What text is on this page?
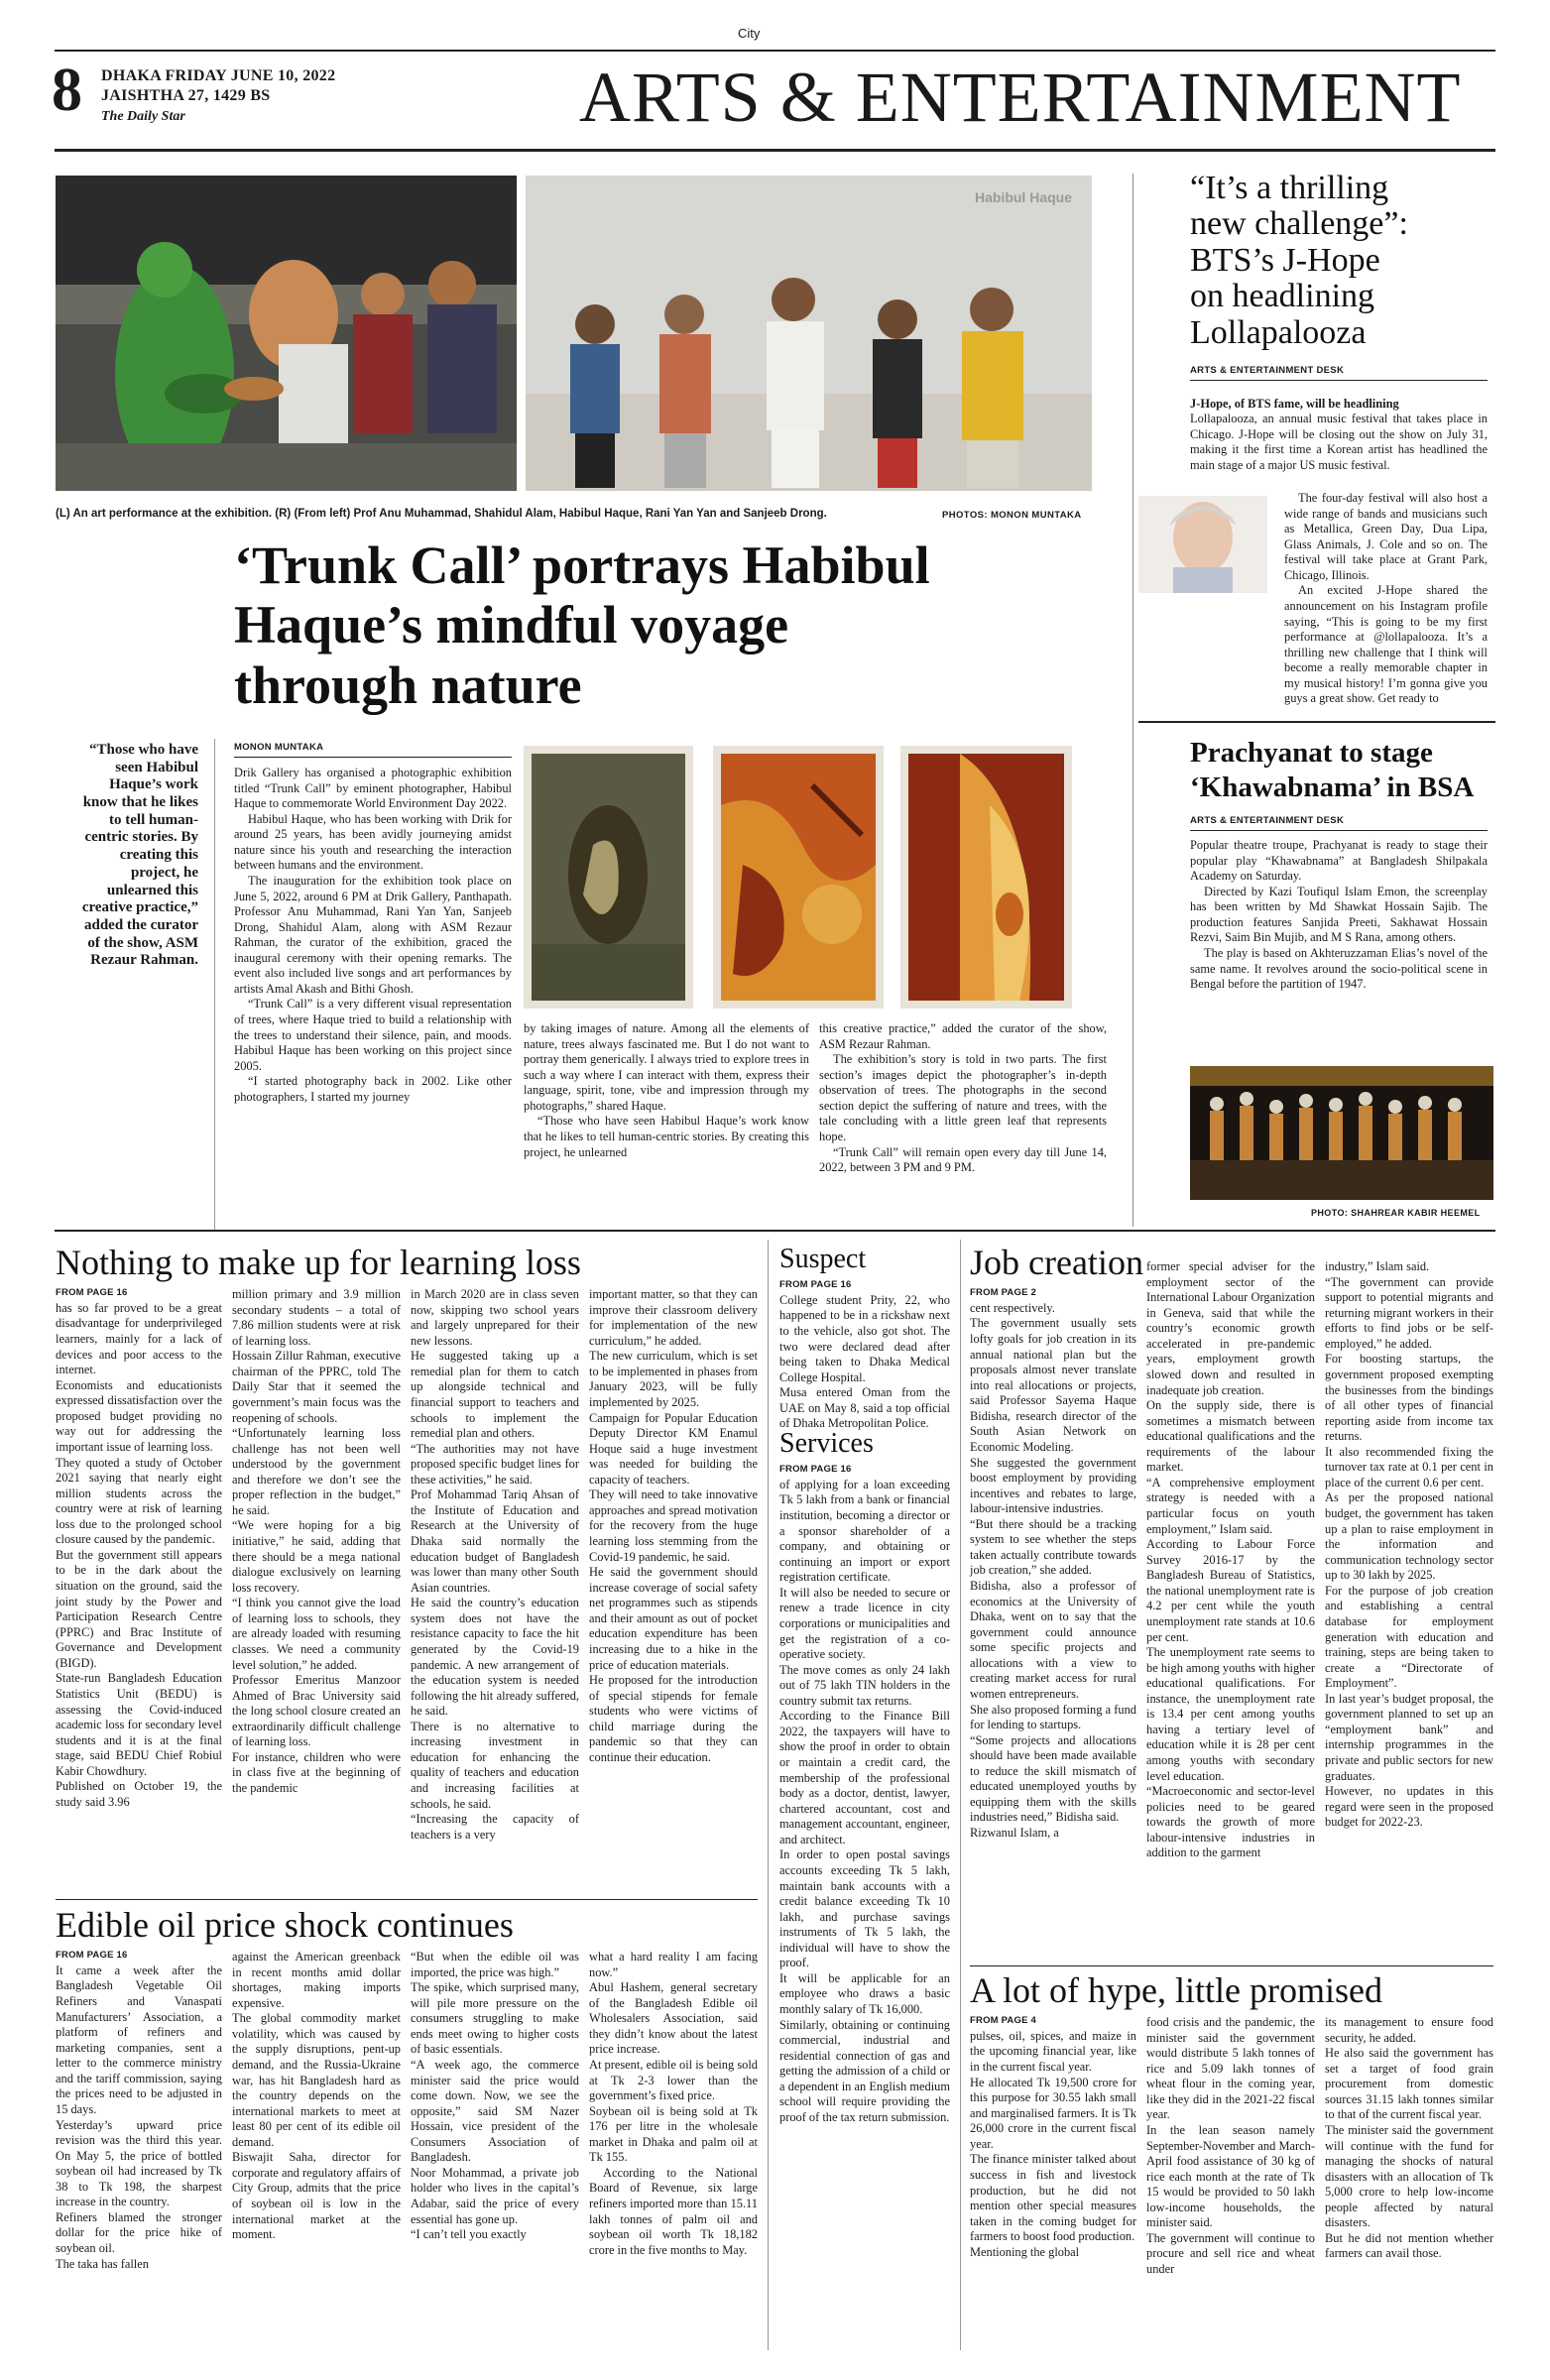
City
8 DHAKA FRIDAY JUNE 10, 2022
JAISHTHA 27, 1429 BS
The Daily Star	ARTS & ENTERTAINMENT
Habibul Haque
(L) An art performance at the exhibition. (R) (From left) Prof Anu Muhammad, Shahidul Alam, Habibul Haque, Rani Yan Yan and Sanjeeb Drong.	PHOTOS: MONON MUNTAKA
‘Trunk Call’ portrays Habibul
Haque’s mindful voyage
through nature
“Those who have seen Habibul Haque’s work know that he likes to tell human-centric stories. By creating this project, he unlearned this creative practice,” added the curator of the show, ASM Rezaur Rahman.
MONON MUNTAKA

Drik Gallery has organised a photographic exhibition titled “Trunk Call” by eminent photographer, Habibul Haque to commemorate World Environment Day 2022.

Habibul Haque, who has been working with Drik for around 25 years, has been avidly journeying amidst nature since his youth and researching the interaction between humans and the environment.

The inauguration for the exhibition took place on June 5, 2022, around 6 PM at Drik Gallery, Panthapath. Professor Anu Muhammad, Rani Yan Yan, Sanjeeb Drong, Shahidul Alam, along with ASM Rezaur Rahman, the curator of the exhibition, graced the inaugural ceremony with their opening remarks. The event also included live songs and art performances by artists Amal Akash and Bithi Ghosh.

“Trunk Call” is a very different visual representation of trees, where Haque tried to build a relationship with the trees to understand their silence, pain, and moods. Habibul Haque has been working on this project since 2005.

“I started photography back in 2002. Like other photographers, I started my journey

by taking images of nature. Among all the elements of nature, trees always fascinated me. But I do not want to portray them generically. I always tried to explore trees in such a way where I can interact with them, express their language, spirit, tone, vibe and impression through my photographs,” shared Haque.

“Those who have seen Habibul Haque’s work know that he likes to tell human-centric stories. By creating this project, he unlearned

this creative practice,” added the curator of the show, ASM Rezaur Rahman.

The exhibition’s story is told in two parts. The first section’s images depict the photographer’s in-depth observation of trees. The photographs in the second section depict the suffering of nature and trees, with the tale concluding with a little green leaf that represents hope.

“Trunk Call” will remain open every day till June 14, 2022, between 3 PM and 9 PM.

“It’s a thrilling
new challenge”:
BTS’s J-Hope
on headlining
Lollapalooza
ARTS & ENTERTAINMENT DESK
J-Hope, of BTS fame, will be headlining

Lollapalooza, an annual music festival that takes place in Chicago. J-Hope will be closing out the show on July 31, making it the first time a Korean artist has headlined the main stage of a major US music festival.

The four-day festival will also host a wide range of bands and musicians such as Metallica, Green Day, Dua Lipa, Glass Animals, J. Cole and so on. The festival will take place at Grant Park, Chicago, Illinois.

An excited J-Hope shared the announcement on his Instagram profile saying, “This is going to be my first performance at @lollapalooza. It’s a thrilling new challenge that I think will become a really memorable chapter in my musical history! I’m gonna give you guys a great show. Get ready to

Prachyanat to stage
‘Khawabnama’ in BSA
ARTS & ENTERTAINMENT DESK

Popular theatre troupe, Prachyanat is ready to stage their popular play “Khawabnama” at Bangladesh Shilpakala Academy on Saturday.

Directed by Kazi Toufiqul Islam Emon, the screenplay has been written by Md Shawkat Hossain Sajib. The production features Sanjida Preeti, Sakhawat Hossain Rezvi, Saim Bin Mujib, and M S Rana, among others.

The play is based on Akhteruzzaman Elias’s novel of the same name. It revolves around the socio-political scene in Bengal before the partition of 1947.

PHOTO: SHAHREAR KABIR HEEMEL
Nothing to make up for learning loss
FROM PAGE 16
has so far proved to be a great disadvantage for underprivileged learners, mainly for a lack of devices and poor access to the internet.
Economists and educationists expressed dissatisfaction over the proposed budget providing no way out for addressing the important issue of learning loss.
They quoted a study of October 2021 saying that nearly eight million students across the country were at risk of learning loss due to the prolonged school closure caused by the pandemic.
But the government still appears to be in the dark about the situation on the ground, said the joint study by the Power and Participation Research Centre (PPRC) and Brac Institute of Governance and Development (BIGD).
State-run Bangladesh Education Statistics Unit (BEDU) is assessing the Covid-induced academic loss for secondary level students and it is at the final stage, said BEDU Chief Robiul Kabir Chowdhury.
Published on October 19, the study said 3.96
million primary and 3.9 million secondary students – a total of 7.86 million students were at risk of learning loss.
Hossain Zillur Rahman, executive chairman of the PPRC, told The Daily Star that it seemed the government’s main focus was the reopening of schools.
“Unfortunately learning loss challenge has not been well understood by the government and therefore we don’t see the proper reflection in the budget,” he said.
“We were hoping for a big initiative,” he said, adding that there should be a mega national dialogue exclusively on learning loss recovery.
“I think you cannot give the load of learning loss to schools, they are already loaded with resuming classes. We need a community level solution,” he added.
Professor Emeritus Manzoor Ahmed of Brac University said the long school closure created an extraordinarily difficult challenge of learning loss.
For instance, children who were in class five at the beginning of the pandemic
in March 2020 are in class seven now, skipping two school years and largely unprepared for their new lessons.
He suggested taking up a remedial plan for them to catch up alongside technical and financial support to teachers and schools to implement the remedial plan and others.
“The authorities may not have proposed specific budget lines for these activities,” he said.
Prof Mohammad Tariq Ahsan of the Institute of Education and Research at the University of Dhaka said normally the education budget of Bangladesh was lower than many other South Asian countries.
He said the country’s education system does not have the resistance capacity to face the hit generated by the Covid-19 pandemic. A new arrangement of the education system is needed following the hit already suffered, he said.
There is no alternative to increasing investment in education for enhancing the quality of teachers and education and increasing facilities at schools, he said.
“Increasing the capacity of teachers is a very
important matter, so that they can improve their classroom delivery for implementation of the new curriculum,” he added.
The new curriculum, which is set to be implemented in phases from January 2023, will be fully implemented by 2025.
Campaign for Popular Education Deputy Director KM Enamul Hoque said a huge investment was needed for building the capacity of teachers.
They will need to take innovative approaches and spread motivation for the recovery from the huge learning loss stemming from the Covid-19 pandemic, he said.
He said the government should increase coverage of social safety net programmes such as stipends and their amount as out of pocket education expenditure has been increasing due to a hike in the price of education materials.
He proposed for the introduction of special stipends for female students who were victims of child marriage during the pandemic so that they can continue their education.
Edible oil price shock continues
FROM PAGE 16
It came a week after the Bangladesh Vegetable Oil Refiners and Vanaspati Manufacturers’ Association, a platform of refiners and marketing companies, sent a letter to the commerce ministry and the tariff commission, saying the prices need to be adjusted in 15 days.
Yesterday’s upward price revision was the third this year. On May 5, the price of bottled soybean oil had increased by Tk 38 to Tk 198, the sharpest increase in the country.
Refiners blamed the stronger dollar for the price hike of soybean oil.
The taka has fallen
against the American greenback in recent months amid dollar shortages, making imports expensive.
The global commodity market volatility, which was caused by the supply disruptions, pent-up demand, and the Russia-Ukraine war, has hit Bangladesh hard as the country depends on the international markets to meet at least 80 per cent of its edible oil demand.
Biswajit Saha, director for corporate and regulatory affairs of City Group, admits that the price of soybean oil is low in the international market at the moment.
“But when the edible oil was imported, the price was high.”
The spike, which surprised many, will pile more pressure on the consumers struggling to make ends meet owing to higher costs of basic essentials.
“A week ago, the commerce minister said the price would come down. Now, we see the opposite,” said SM Nazer Hossain, vice president of the Consumers Association of Bangladesh.
Noor Mohammad, a private job holder who lives in the capital’s Adabar, said the price of every essential has gone up.
“I can’t tell you exactly
what a hard reality I am facing now.”
Abul Hashem, general secretary of the Bangladesh Edible oil Wholesalers Association, said they didn’t know about the latest price increase.
At present, edible oil is being sold at Tk 2-3 lower than the government’s fixed price.
Soybean oil is being sold at Tk 176 per litre in the wholesale market in Dhaka and palm oil at Tk 155.
According to the National Board of Revenue, six large refiners imported more than 15.11 lakh tonnes of palm oil and soybean oil worth Tk 18,182 crore in the five months to May.
Suspect
FROM PAGE 16
College student Prity, 22, who happened to be in a rickshaw next to the vehicle, also got shot. The two were declared dead after being taken to Dhaka Medical College Hospital.
Musa entered Oman from the UAE on May 8, said a top official of Dhaka Metropolitan Police.
Services
FROM PAGE 16
of applying for a loan exceeding Tk 5 lakh from a bank or financial institution, becoming a director or a sponsor shareholder of a company, and obtaining or continuing an import or export registration certificate.
It will also be needed to secure or renew a trade licence in city corporations or municipalities and get the registration of a co-operative society.
The move comes as only 24 lakh out of 75 lakh TIN holders in the country submit tax returns.
According to the Finance Bill 2022, the taxpayers will have to show the proof in order to obtain or maintain a credit card, the membership of the professional body as a doctor, dentist, lawyer, chartered accountant, cost and management accountant, engineer, and architect.
In order to open postal savings accounts exceeding Tk 5 lakh, maintain bank accounts with a credit balance exceeding Tk 10 lakh, and purchase savings instruments of Tk 5 lakh, the individual will have to show the proof.
It will be applicable for an employee who draws a basic monthly salary of Tk 16,000.
Similarly, obtaining or continuing commercial, industrial and residential connection of gas and getting the admission of a child or a dependent in an English medium school will require providing the proof of the tax return submission.
Job creation
FROM PAGE 2
cent respectively.
The government usually sets lofty goals for job creation in its annual national plan but the proposals almost never translate into real allocations or projects, said Professor Sayema Haque Bidisha, research director of the South Asian Network on Economic Modeling.
She suggested the government boost employment by providing incentives and rebates to large, labour-intensive industries.
“But there should be a tracking system to see whether the steps taken actually contribute towards job creation,” she added.
Bidisha, also a professor of economics at the University of Dhaka, went on to say that the government could announce some specific projects and allocations with a view to creating market access for rural women entrepreneurs.
She also proposed forming a fund for lending to startups.
“Some projects and allocations should have been made available to reduce the skill mismatch of educated unemployed youths by equipping them with the skills industries need,” Bidisha said.
Rizwanul Islam, a
former special adviser for the employment sector of the International Labour Organization in Geneva, said that while the country’s economic growth accelerated in pre-pandemic years, employment growth slowed down and resulted in inadequate job creation.
On the supply side, there is sometimes a mismatch between educational qualifications and the requirements of the labour market.
“A comprehensive employment strategy is needed with a particular focus on youth employment,” Islam said.
According to Labour Force Survey 2016-17 by the Bangladesh Bureau of Statistics, the national unemployment rate is 4.2 per cent while the youth unemployment rate stands at 10.6 per cent.
The unemployment rate seems to be high among youths with higher educational qualifications. For instance, the unemployment rate is 13.4 per cent among youths having a tertiary level of education while it is 28 per cent among youths with secondary level education.
“Macroeconomic and sector-level policies need to be geared towards the growth of more labour-intensive industries in addition to the garment
industry,” Islam said.
“The government can provide support to potential migrants and returning migrant workers in their efforts to find jobs or be self-employed,” he added.
For boosting startups, the government proposed exempting the businesses from the bindings of all other types of financial reporting aside from income tax returns.
It also recommended fixing the turnover tax rate at 0.1 per cent in place of the current 0.6 per cent.
As per the proposed national budget, the government has taken up a plan to raise employment in the information and communication technology sector up to 30 lakh by 2025.
For the purpose of job creation and establishing a central database for employment generation with education and training, steps are being taken to create a “Directorate of Employment”.
In last year’s budget proposal, the government planned to set up an “employment bank” and internship programmes in the private and public sectors for new graduates.
However, no updates in this regard were seen in the proposed budget for 2022-23.
A lot of hype, little promised
FROM PAGE 4
pulses, oil, spices, and maize in the upcoming financial year, like in the current fiscal year.
He allocated Tk 19,500 crore for this purpose for 30.55 lakh small and marginalised farmers. It is Tk 26,000 crore in the current fiscal year.
The finance minister talked about success in fish and livestock production, but he did not mention other special measures taken in the coming budget for farmers to boost food production.
Mentioning the global
food crisis and the pandemic, the minister said the government would distribute 5 lakh tonnes of rice and 5.09 lakh tonnes of wheat flour in the coming year, like they did in the 2021-22 fiscal year.
In the lean season namely September-November and March-April food assistance of 30 kg of rice each month at the rate of Tk 15 would be provided to 50 lakh low-income households, the minister said.
The government will continue to procure and sell rice and wheat under
its management to ensure food security, he added.
He also said the government has set a target of food grain procurement from domestic sources 31.15 lakh tonnes similar to that of the current fiscal year.
The minister said the government will continue with the fund for managing the shocks of natural disasters with an allocation of Tk 5,000 crore to help low-income people affected by natural disasters.
But he did not mention whether farmers can avail those.
